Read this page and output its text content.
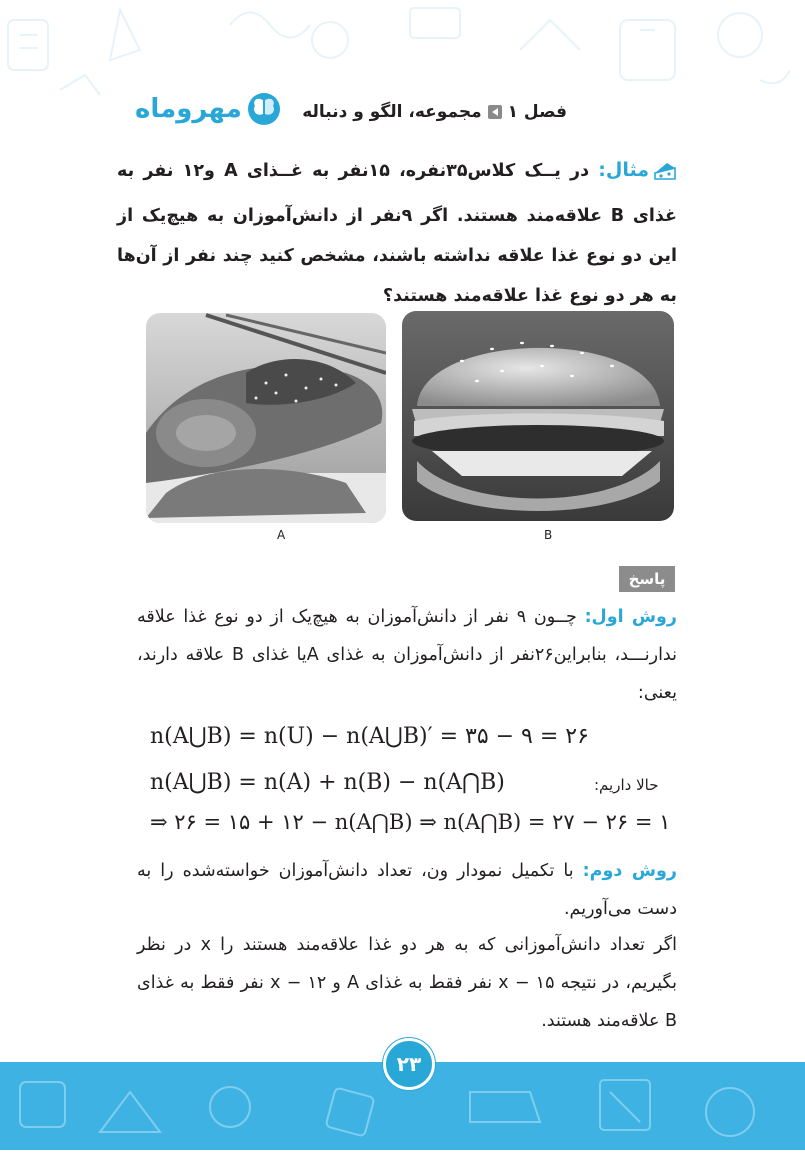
فصل ۱
مجموعه، الگو و دنباله
مهروماه
مثال: در یــک کلاس۳۵نفره، ۱۵نفر به غــذای A و۱۲ نفر به غذای B علاقه‌مند هستند. اگر ۹نفر از دانش‌آموزان به هیچ‌یک از این دو نوع غذا علاقه نداشته باشند، مشخص کنید چند نفر از آن‌ها به هر دو نوع غذا علاقه‌مند هستند؟
A	B
پاسخ
روش اول: چــون ۹ نفر از دانش‌آموزان به هیچ‌یک از دو نوع غذا علاقه ندارنـــد، بنابراین۲۶نفر از دانش‌آموزان به غذای Aیا غذای B علاقه دارند، یعنی:
n(A⋃B) = n(U) − n(A⋃B)′ = ۳۵ − ۹ = ۲۶
n(A⋃B) = n(A) + n(B) − n(A⋂B)	حالا داریم:
⇒ ۲۶ = ۱۵ + ۱۲ − n(A⋂B) ⇒ n(A⋂B) = ۲۷ − ۲۶ = ۱
روش دوم: با تکمیل نمودار ون، تعداد دانش‌آموزان خواسته‌شده را به دست می‌آوریم.
اگر تعداد دانش‌آموزانی که به هر دو غذا علاقه‌مند هستند را x در نظر بگیریم، در نتیجه ۱۵ − x نفر فقط به غذای A و ۱۲ − x نفر فقط به غذای B علاقه‌مند هستند.
۲۳
